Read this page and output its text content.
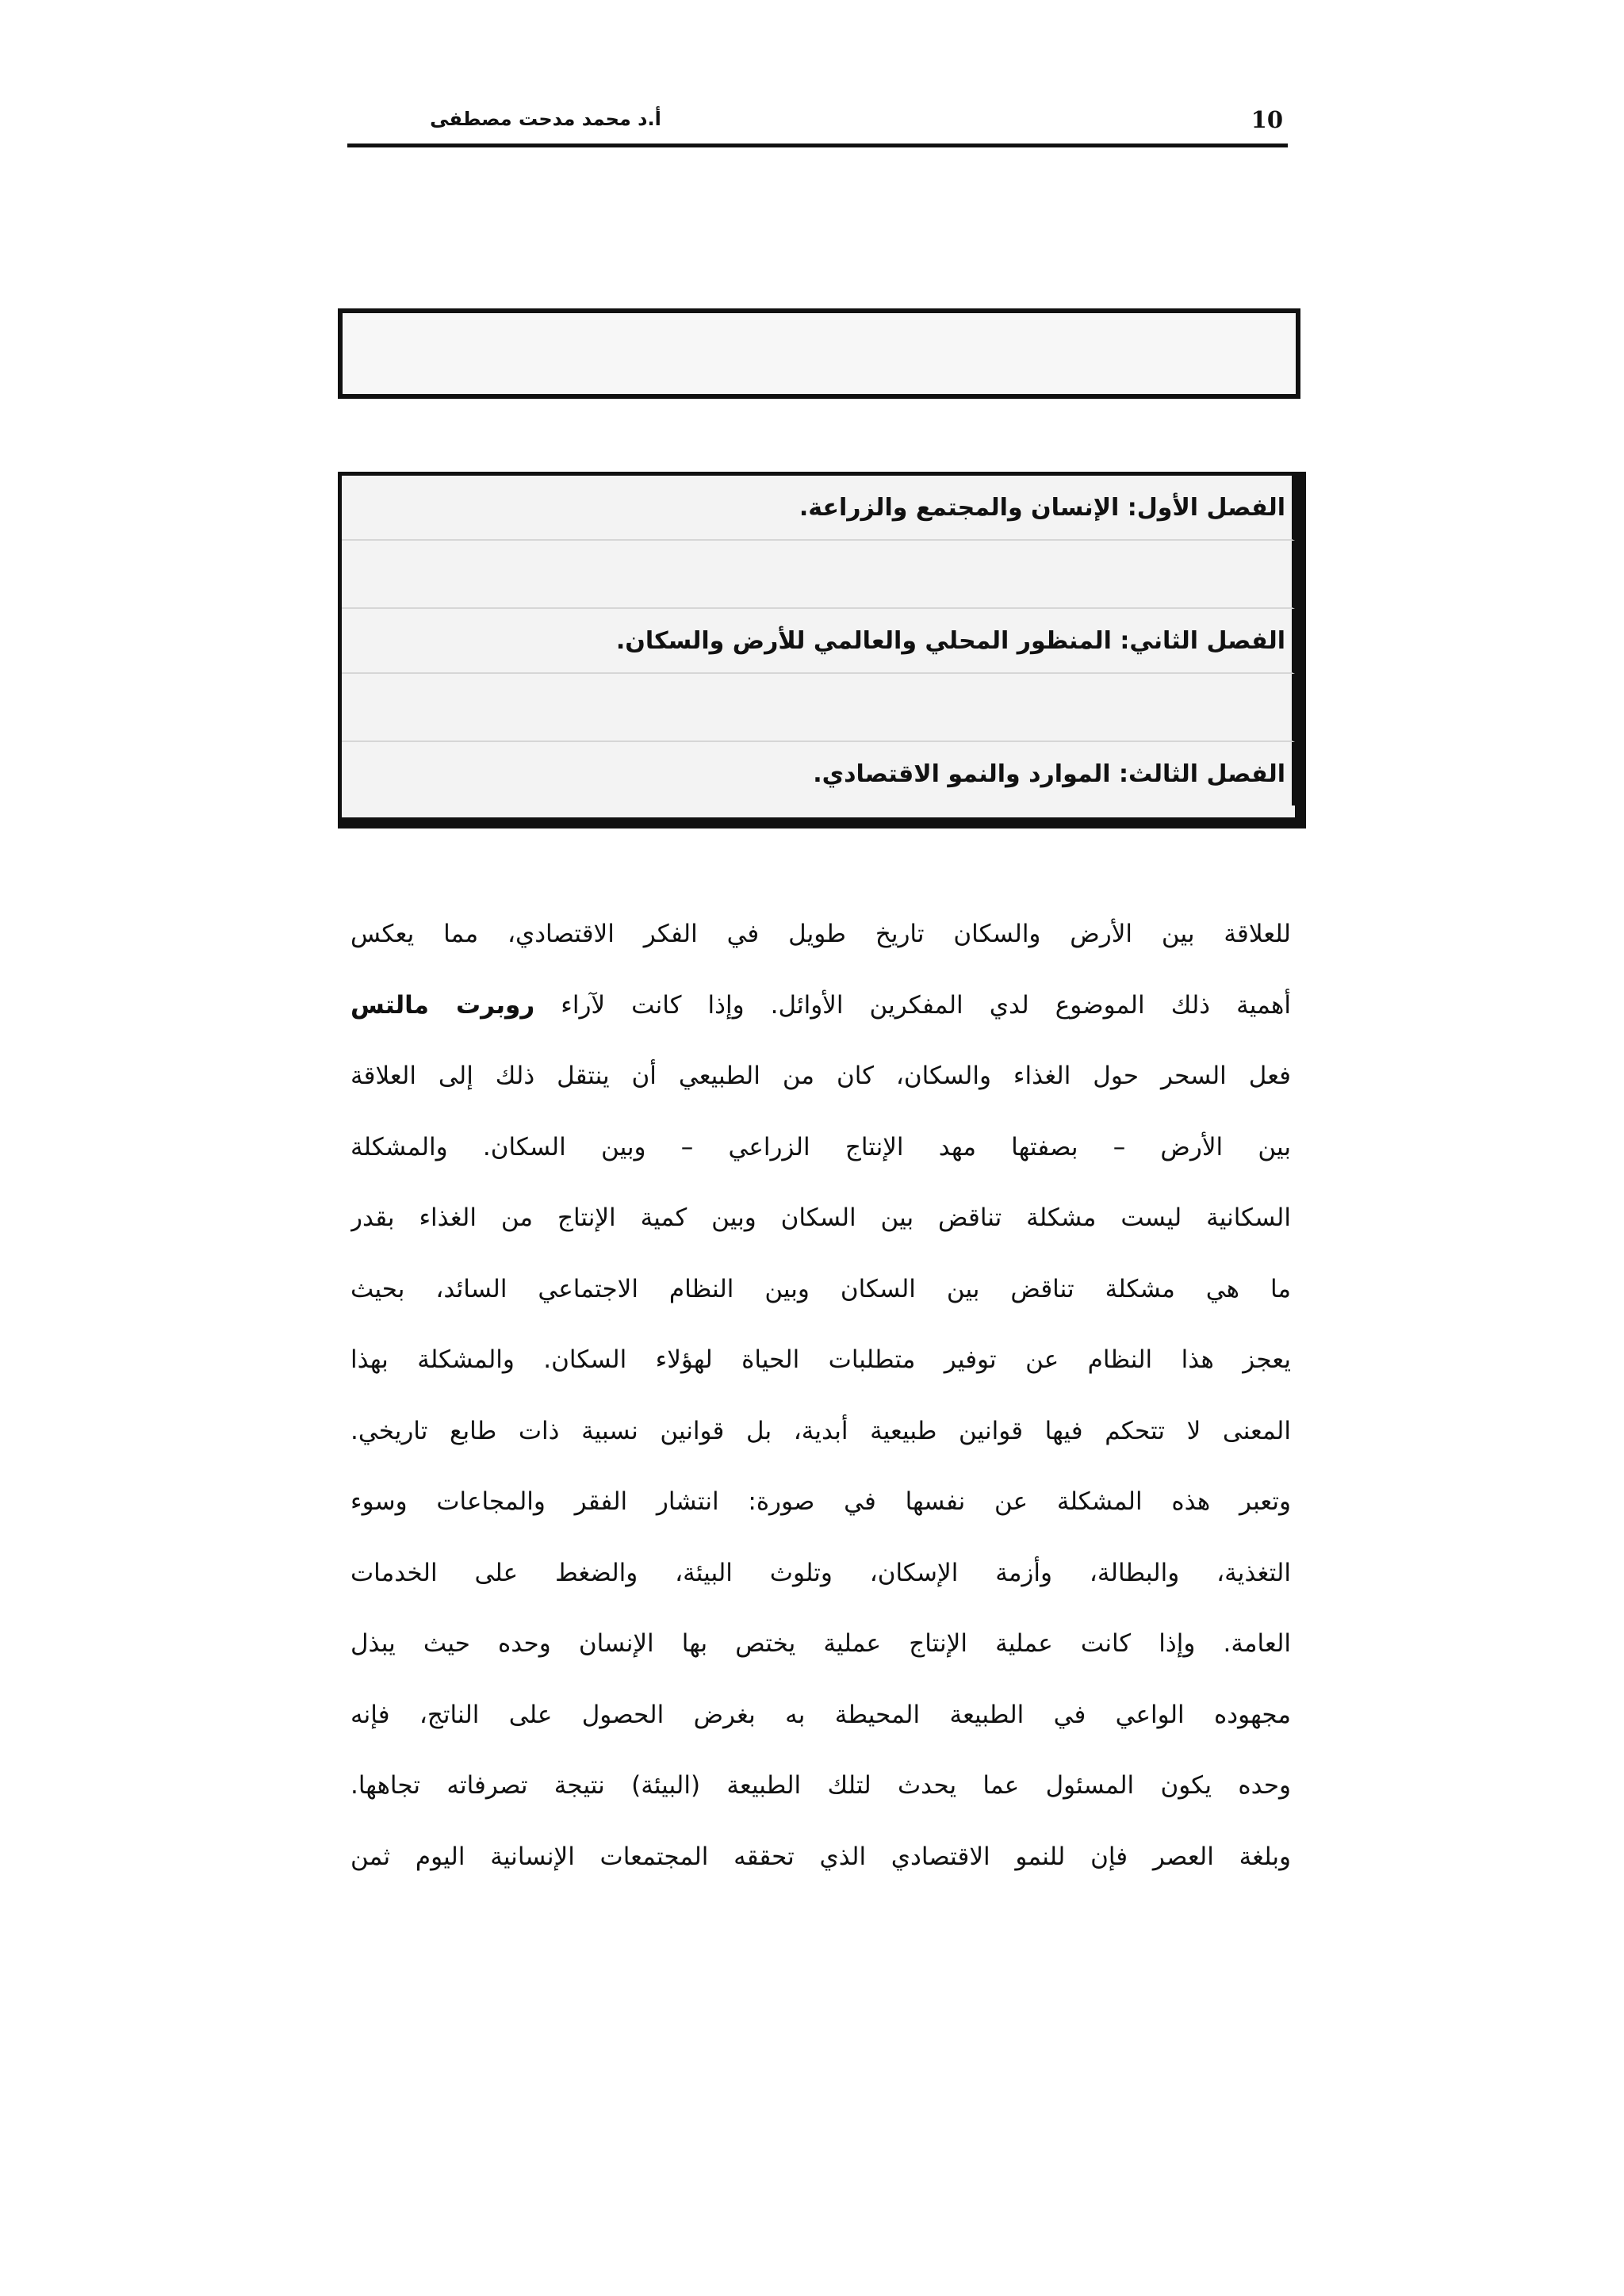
10
أ.د محمد مدحت مصطفى
الفصل الأول: الإنسان والمجتمع والزراعة.
الفصل الثاني: المنظور المحلي والعالمي للأرض والسكان.
الفصل الثالث: الموارد والنمو الاقتصادي.
للعلاقة بين الأرض والسكان تاريخ طويل في الفكر الاقتصادي، مما يعكس
أهمية ذلك الموضوع لدي المفكرين الأوائل. وإذا كانت لآراء روبرت مالتس
فعل السحر حول الغذاء والسكان، كان من الطبيعي أن ينتقل ذلك إلى العلاقة
بين الأرض – بصفتها مهد الإنتاج الزراعي – وبين السكان. والمشكلة
السكانية ليست مشكلة تناقض بين السكان وبين كمية الإنتاج من الغذاء بقدر
ما هي مشكلة تناقض بين السكان وبين النظام الاجتماعي السائد، بحيث
يعجز هذا النظام عن توفير متطلبات الحياة لهؤلاء السكان. والمشكلة بهذا
المعنى لا تتحكم فيها قوانين طبيعية أبدية، بل قوانين نسبية ذات طابع تاريخي.
وتعبر هذه المشكلة عن نفسها في صورة: انتشار الفقر والمجاعات وسوء
التغذية، والبطالة، وأزمة الإسكان، وتلوث البيئة، والضغط على الخدمات
العامة. وإذا كانت عملية الإنتاج عملية يختص بها الإنسان وحده حيث يبذل
مجهوده الواعي في الطبيعة المحيطة به بغرض الحصول على الناتج، فإنه
وحده يكون المسئول عما يحدث لتلك الطبيعة (البيئة) نتيجة تصرفاته تجاهها.
وبلغة العصر فإن للنمو الاقتصادي الذي تحققه المجتمعات الإنسانية اليوم ثمن
